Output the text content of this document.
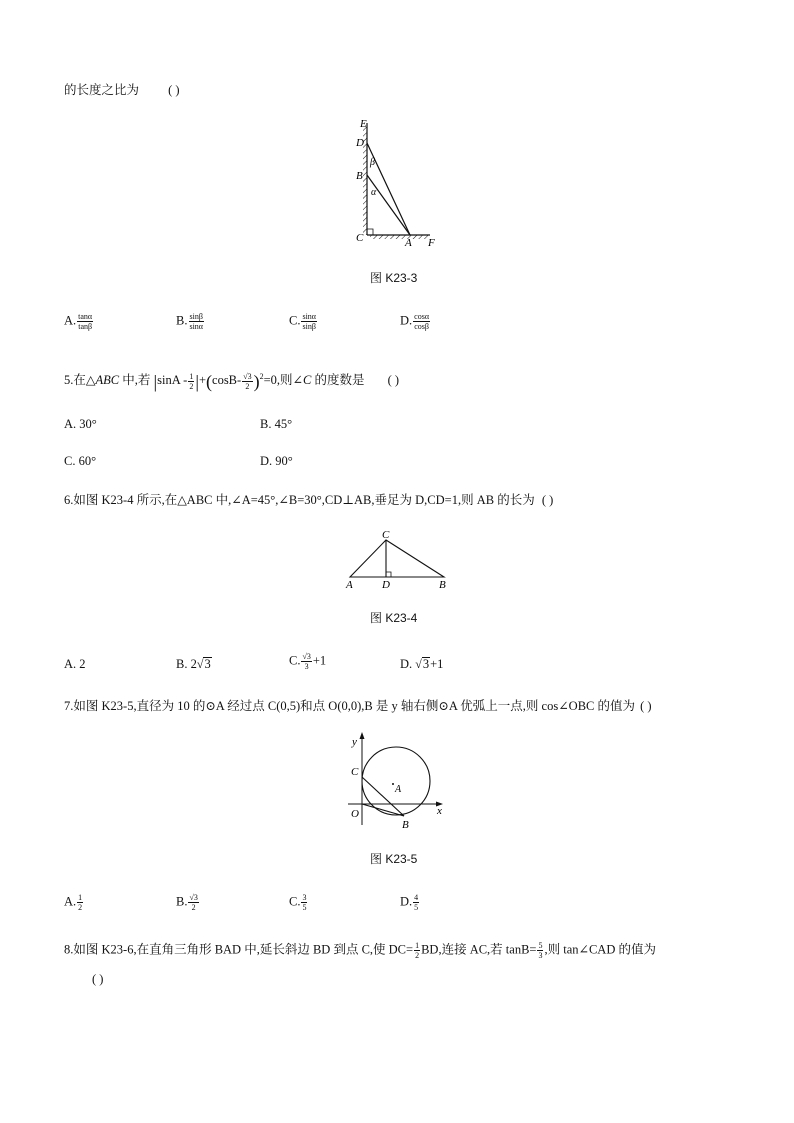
的长度之比为 ( )
E
D
β
B
α
C	A F
图 K23-3
A. $\frac{\tan\alpha}{\tan\beta}$	B. $\frac{\sin\beta}{\sin\alpha}$	C. $\frac{\sin\alpha}{\sin\beta}$	D. $\frac{\cos\alpha}{\cos\beta}$
5.在△ABC 中,若 $|\sin A - \frac{1}{2} |+(\cos B- \frac{√3}{2} )^2=0$,则∠C 的度数是 ( )
A. 30°	B. 45°
C. 60°	D. 90°
6.如图 K23-4 所示,在△ABC 中,∠A=45°,∠B=30°,CD⊥AB,垂足为 D,CD=1,则 AB 的长为 ( )
C
A	D	B
图 K23-4
A. 2	B. 2√3	C. $\frac{√3}{3} +1$	D. √3+1
7.如图 K23-5,直径为 10 的⊙A 经过点 C(0,5)和点 O(0,0),B 是 y 轴右侧⊙A 优弧上一点,则 cos∠OBC 的值为 ( )
y
x
C
A
O
B
图 K23-5
A. $\frac{1}{2}$	B. $\frac{√3}{2}$	C. $\frac{3}{5}$	D. $\frac{4}{5}$
8.如图 K23-6,在直角三角形 BAD 中,延长斜边 BD 到点 C,使 $DC= \frac{1}{2}$ BD,连接 AC,若 $\tan B= \frac{5}{3}$ ,则 tan∠CAD 的值为
( )
